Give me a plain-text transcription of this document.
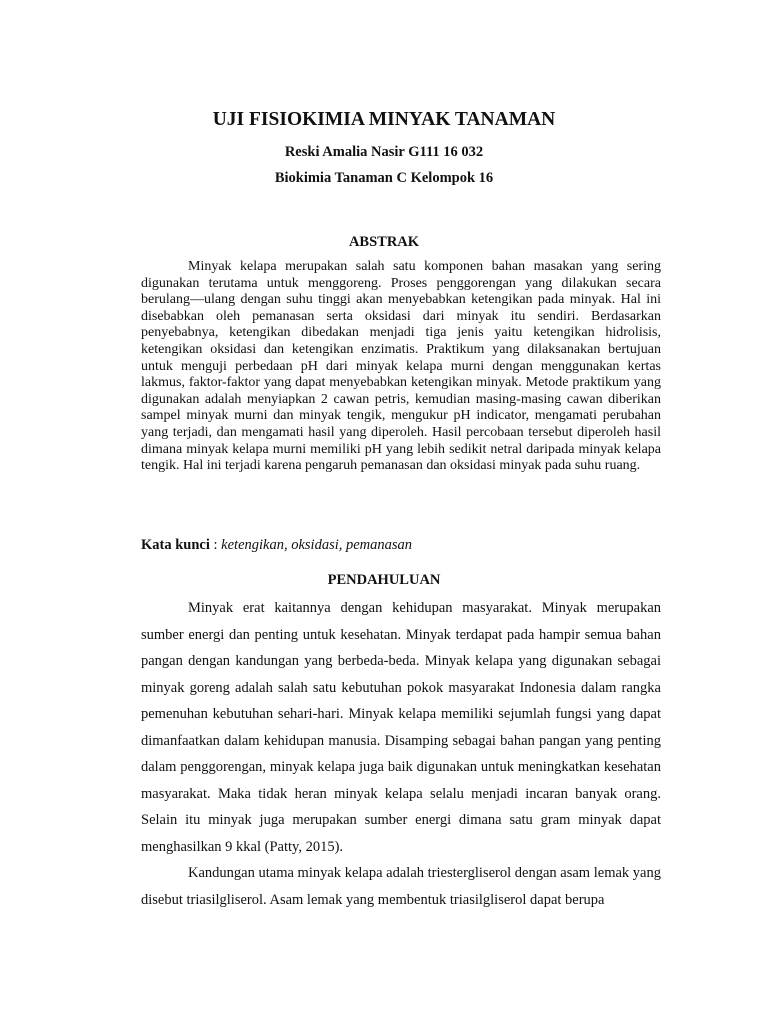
UJI FISIOKIMIA MINYAK TANAMAN

Reski Amalia Nasir G111 16 032

Biokimia Tanaman C Kelompok 16

ABSTRAK

Minyak kelapa merupakan salah satu komponen bahan masakan yang sering digunakan terutama untuk menggoreng. Proses penggorengan yang dilakukan secara berulang—ulang dengan suhu tinggi akan menyebabkan ketengikan pada minyak. Hal ini disebabkan oleh pemanasan serta oksidasi dari minyak itu sendiri. Berdasarkan penyebabnya, ketengikan dibedakan menjadi tiga jenis yaitu ketengikan hidrolisis, ketengikan oksidasi dan ketengikan enzimatis. Praktikum yang dilaksanakan bertujuan untuk menguji perbedaan pH dari minyak kelapa murni dengan menggunakan kertas lakmus, faktor-faktor yang dapat menyebabkan ketengikan minyak. Metode praktikum yang digunakan adalah menyiapkan 2 cawan petris, kemudian masing-masing cawan diberikan sampel minyak murni dan minyak tengik, mengukur pH indicator, mengamati perubahan yang terjadi, dan mengamati hasil yang diperoleh. Hasil percobaan tersebut diperoleh hasil dimana minyak kelapa murni memiliki pH yang lebih sedikit netral daripada minyak kelapa tengik. Hal ini terjadi karena pengaruh pemanasan dan oksidasi minyak pada suhu ruang.

Kata kunci : ketengikan, oksidasi, pemanasan

PENDAHULUAN

Minyak erat kaitannya dengan kehidupan masyarakat. Minyak merupakan sumber energi dan penting untuk kesehatan. Minyak terdapat pada hampir semua bahan pangan dengan kandungan yang berbeda-beda. Minyak kelapa yang digunakan sebagai minyak goreng adalah salah satu kebutuhan pokok masyarakat Indonesia dalam rangka pemenuhan kebutuhan sehari-hari. Minyak kelapa memiliki sejumlah fungsi yang dapat dimanfaatkan dalam kehidupan manusia. Disamping sebagai bahan pangan yang penting dalam penggorengan, minyak kelapa juga baik digunakan untuk meningkatkan kesehatan masyarakat. Maka tidak heran minyak kelapa selalu menjadi incaran banyak orang. Selain itu minyak juga merupakan sumber energi dimana satu gram minyak dapat menghasilkan 9 kkal (Patty, 2015).

Kandungan utama minyak kelapa adalah triestergliserol dengan asam lemak yang disebut triasilgliserol. Asam lemak yang membentuk triasilgliserol dapat berupa
